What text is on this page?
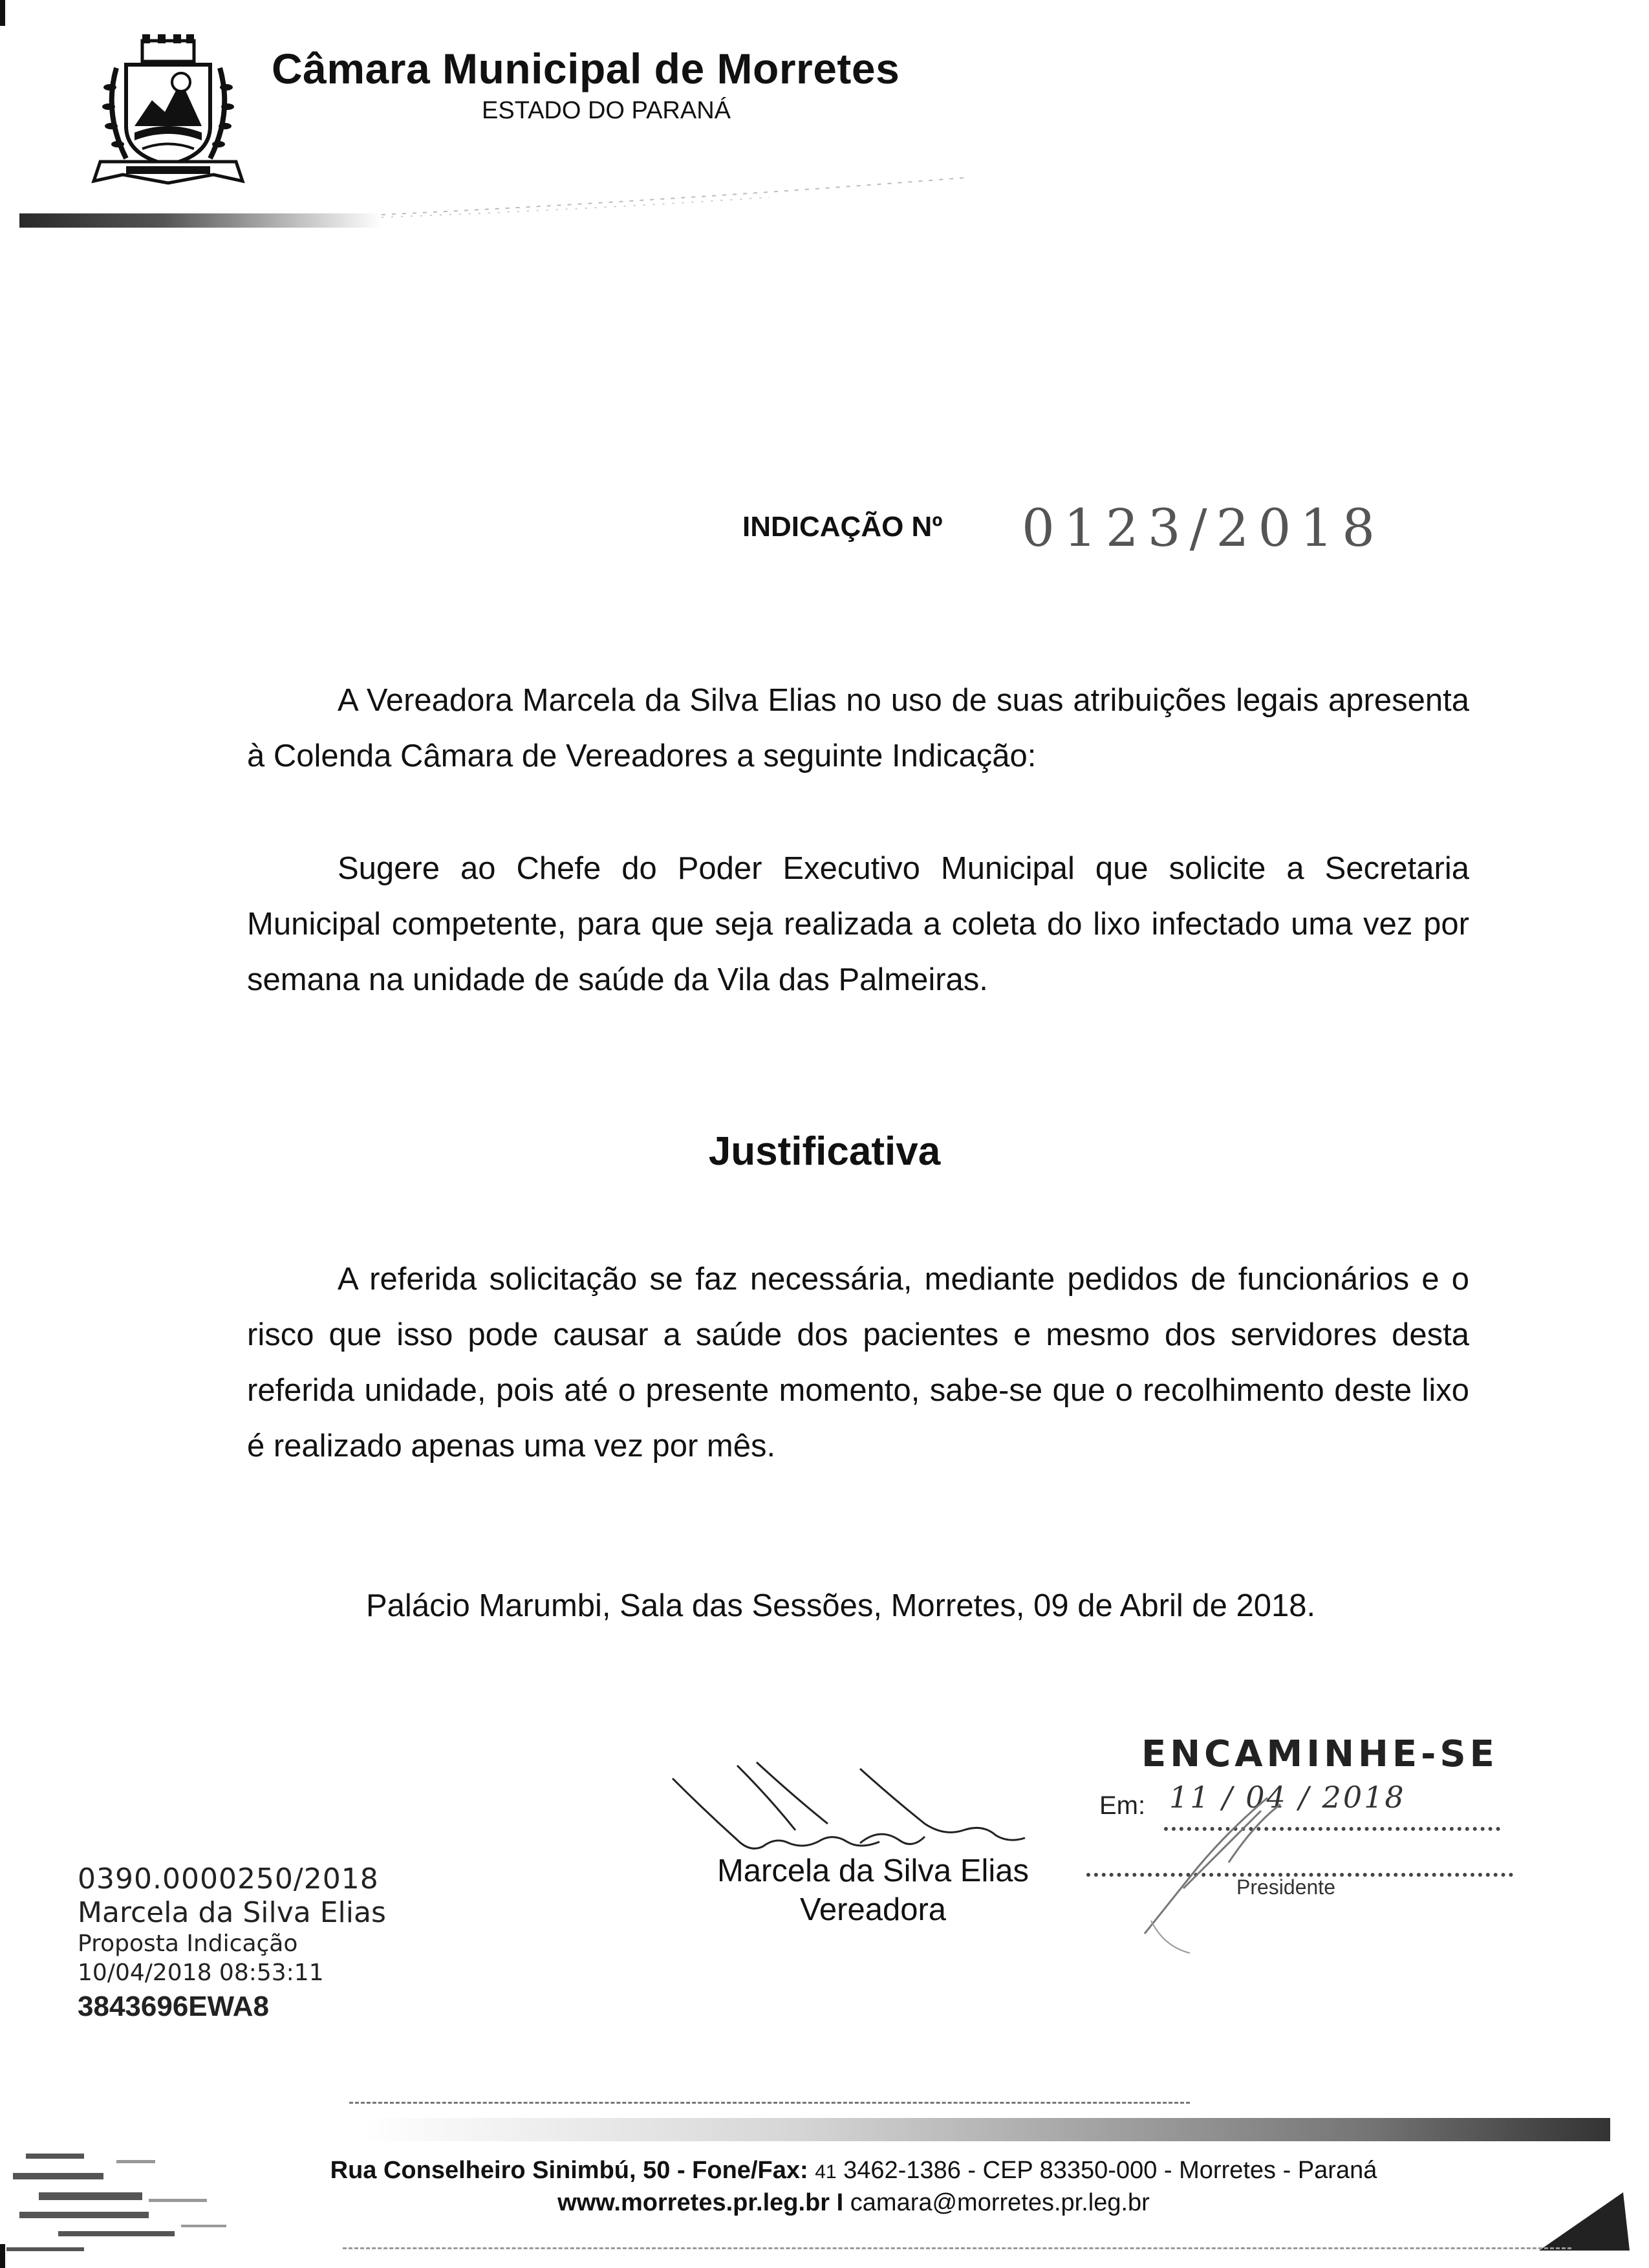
Câmara Municipal de Morretes
ESTADO DO PARANÁ
INDICAÇÃO Nº 0123/2018
A Vereadora Marcela da Silva Elias no uso de suas atribuições legais apresenta à Colenda Câmara de Vereadores a seguinte Indicação:
Sugere ao Chefe do Poder Executivo Municipal que solicite a Secretaria Municipal competente, para que seja realizada a coleta do lixo infectado uma vez por semana na unidade de saúde da Vila das Palmeiras.
Justificativa
A referida solicitação se faz necessária, mediante pedidos de funcionários e o risco que isso pode causar a saúde dos pacientes e mesmo dos servidores desta referida unidade, pois até o presente momento, sabe-se que o recolhimento deste lixo é realizado apenas uma vez por mês.
Palácio Marumbi, Sala das Sessões, Morretes, 09 de Abril de 2018.
ENCAMINHE-SE
Em: 11 / 04 / 2018
Presidente
Marcela da Silva Elias
Vereadora
0390.0000250/2018
Marcela da Silva Elias
Proposta Indicação
10/04/2018 08:53:11
3843696EWA8
Rua Conselheiro Sinimbú, 50 - Fone/Fax: 41 3462-1386 - CEP 83350-000 - Morretes - Paraná
www.morretes.pr.leg.br I camara@morretes.pr.leg.br
